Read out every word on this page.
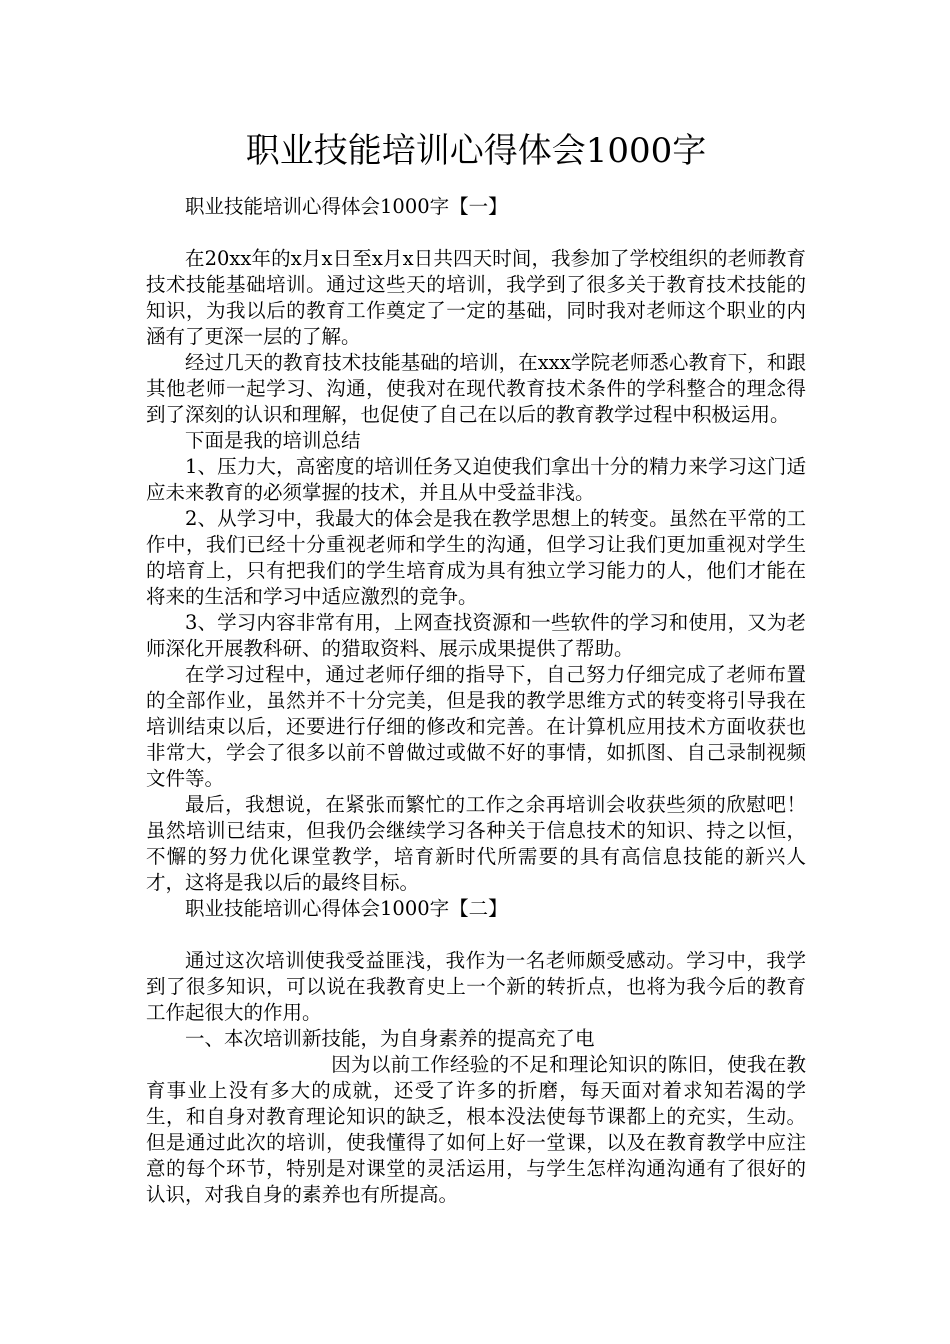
职业技能培训心得体会1000字

职业技能培训心得体会1000字【一】

在20xx年的x月x日至x月x日共四天时间，我参加了学校组织的老师教育技术技能基础培训。通过这些天的培训，我学到了很多关于教育技术技能的知识，为我以后的教育工作奠定了一定的基础，同时我对老师这个职业的内涵有了更深一层的了解。

经过几天的教育技术技能基础的培训，在xxx学院老师悉心教育下，和跟其他老师一起学习、沟通，使我对在现代教育技术条件的学科整合的理念得到了深刻的认识和理解，也促使了自己在以后的教育教学过程中积极运用。

下面是我的培训总结

1、压力大，高密度的培训任务又迫使我们拿出十分的精力来学习这门适应未来教育的必须掌握的技术，并且从中受益非浅。

2、从学习中，我最大的体会是我在教学思想上的转变。虽然在平常的工作中，我们已经十分重视老师和学生的沟通，但学习让我们更加重视对学生的培育上，只有把我们的学生培育成为具有独立学习能力的人，他们才能在将来的生活和学习中适应激烈的竞争。

3、学习内容非常有用，上网查找资源和一些软件的学习和使用，又为老师深化开展教科研、的猎取资料、展示成果提供了帮助。

在学习过程中，通过老师仔细的指导下，自己努力仔细完成了老师布置的全部作业，虽然并不十分完美，但是我的教学思维方式的转变将引导我在培训结束以后，还要进行仔细的修改和完善。在计算机应用技术方面收获也非常大，学会了很多以前不曾做过或做不好的事情，如抓图、自己录制视频文件等。

最后，我想说，在紧张而繁忙的工作之余再培训会收获些须的欣慰吧！虽然培训已结束，但我仍会继续学习各种关于信息技术的知识、持之以恒，不懈的努力优化课堂教学，培育新时代所需要的具有高信息技能的新兴人才，这将是我以后的最终目标。

职业技能培训心得体会1000字【二】

通过这次培训使我受益匪浅，我作为一名老师颇受感动。学习中，我学到了很多知识，可以说在我教育史上一个新的转折点，也将为我今后的教育工作起很大的作用。

一、本次培训新技能，为自身素养的提高充了电

因为以前工作经验的不足和理论知识的陈旧，使我在教育事业上没有多大的成就，还受了许多的折磨，每天面对着求知若渴的学生，和自身对教育理论知识的缺乏，根本没法使每节课都上的充实，生动。但是通过此次的培训，使我懂得了如何上好一堂课，以及在教育教学中应注意的每个环节，特别是对课堂的灵活运用，与学生怎样沟通沟通有了很好的认识，对我自身的素养也有所提高。
